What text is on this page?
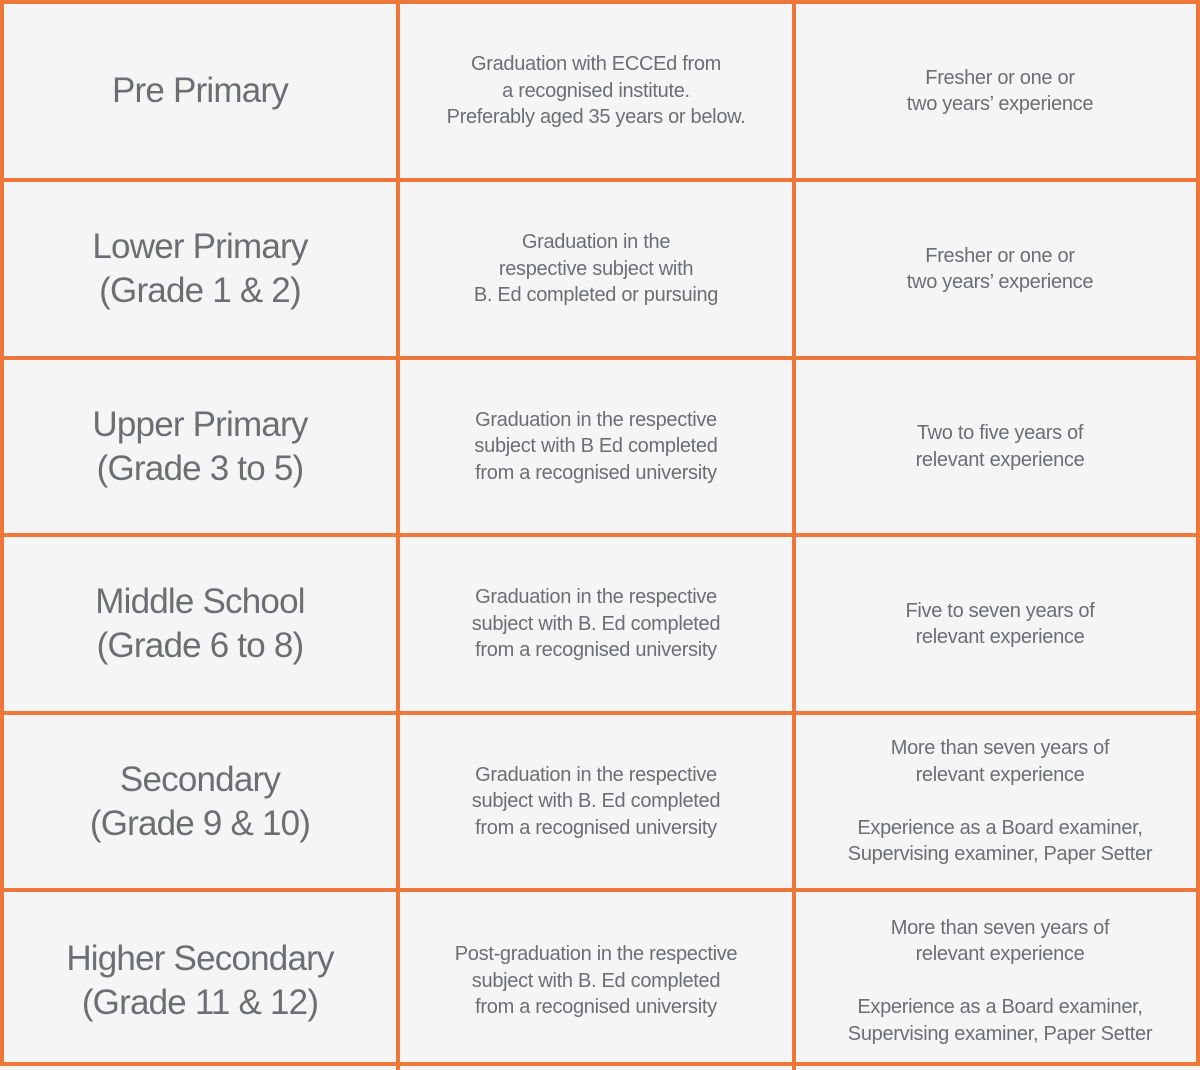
Pre Primary
Graduation with ECCEd from
a recognised institute.
Preferably aged 35 years or below.
Fresher or one or
two years’ experience
Lower Primary
(Grade 1 & 2)
Graduation in the
respective subject with
B. Ed completed or pursuing
Fresher or one or
two years’ experience
Upper Primary
(Grade 3 to 5)
Graduation in the respective
subject with B Ed completed
from a recognised university
Two to five years of
relevant experience
Middle School
(Grade 6 to 8)
Graduation in the respective
subject with B. Ed completed
from a recognised university
Five to seven years of
relevant experience
Secondary
(Grade 9 & 10)
Graduation in the respective
subject with B. Ed completed
from a recognised university
More than seven years of
relevant experience
Experience as a Board examiner,
Supervising examiner, Paper Setter
Higher Secondary
(Grade 11 & 12)
Post-graduation in the respective
subject with B. Ed completed
from a recognised university
More than seven years of
relevant experience
Experience as a Board examiner,
Supervising examiner, Paper Setter
